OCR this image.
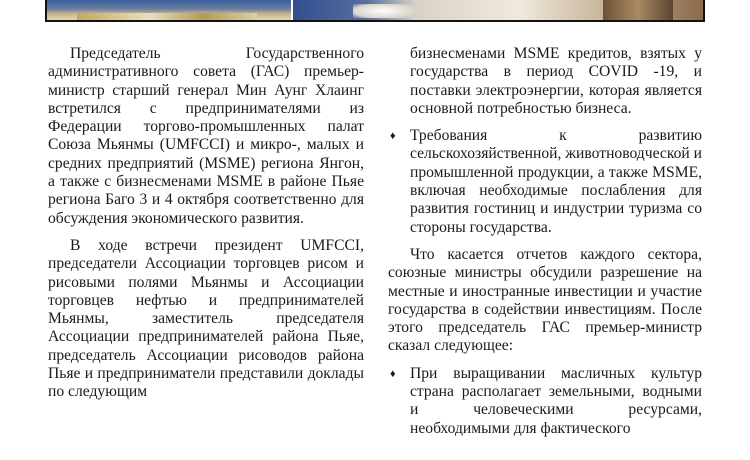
Председатель Государственного административного совета (ГАС) премьер-министр старший генерал Мин Аунг Хлаинг встретился с предпринимателями из Федерации торгово-промышленных палат Союза Мьянмы (UMFCCI) и микро-, малых и средних предприятий (MSME) региона Янгон, а также с бизнесменами MSME в районе Пьяе региона Баго 3 и 4 октября соответственно для обсуждения экономического развития.

В ходе встречи президент UMFCCI, председатели Ассоциации торговцев рисом и рисовыми полями Мьянмы и Ассоциации торговцев нефтью и предпринимателей Мьянмы, заместитель председателя Ассоциации предпринимателей района Пьяе, председатель Ассоциации рисоводов района Пьяе и предприниматели представили доклады по следующим

бизнесменами MSME кредитов, взятых у государства в период COVID -19, и поставки электроэнергии, которая является основной потребностью бизнеса.

♦ Требования к развитию сельскохозяйственной, животноводческой и промышленной продукции, а также MSME, включая необходимые послабления для развития гостиниц и индустрии туризма со стороны государства.

Что касается отчетов каждого сектора, союзные министры обсудили разрешение на местные и иностранные инвестиции и участие государства в содействии инвестициям. После этого председатель ГАС премьер-министр сказал следующее:

♦ При выращивании масличных культур страна располагает земельными, водными и человеческими ресурсами, необходимыми для фактического
